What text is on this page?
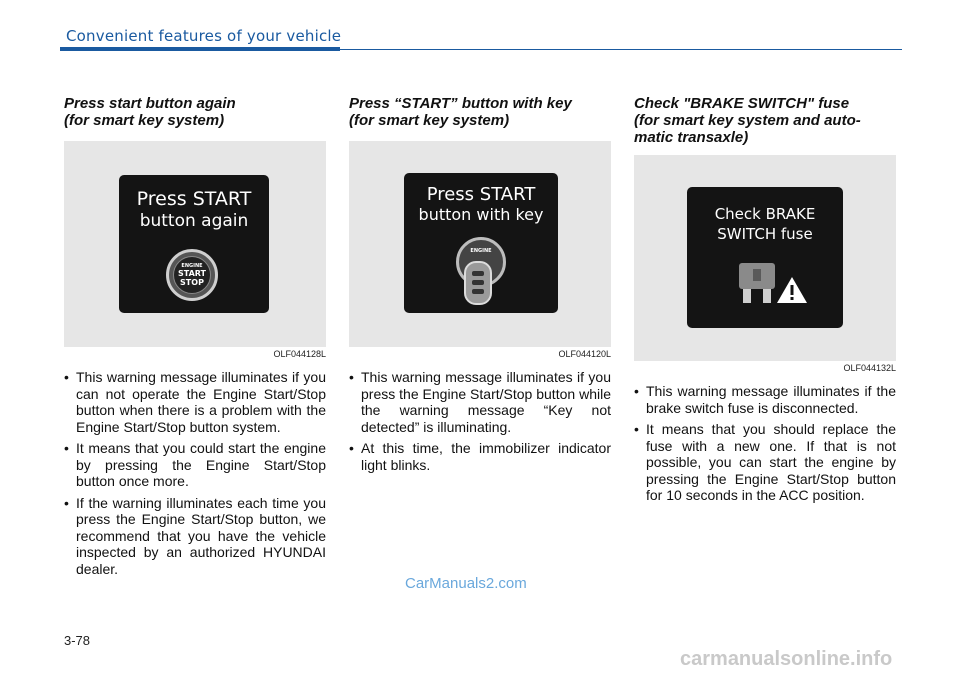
Convenient features of your vehicle
Press start button again
(for smart key system)
Press START
button again
ENGINE
START
STOP
OLF044128L
• This warning message illuminates if you can not operate the Engine Start/Stop button when there is a problem with the Engine Start/Stop button system.
• It means that you could start the engine by pressing the Engine Start/Stop button once more.
• If the warning illuminates each time you press the Engine Start/Stop button, we recommend that you have the vehicle inspected by an authorized HYUNDAI dealer.
Press “START” button with key
(for smart key system)
Press START
button with key
ENGINE
OLF044120L
• This warning message illuminates if you press the Engine Start/Stop button while the warning message “Key not detected” is illuminating.
• At this time, the immobilizer indicator light blinks.
Check "BRAKE SWITCH" fuse
(for smart key system and auto-
matic transaxle)
Check BRAKE
SWITCH fuse
OLF044132L
• This warning message illuminates if the brake switch fuse is disconnected.
• It means that you should replace the fuse with a new one. If that is not possible, you can start the engine by pressing the Engine Start/Stop button for 10 seconds in the ACC position.
CarManuals2.com
3-78
carmanualsonline.info
